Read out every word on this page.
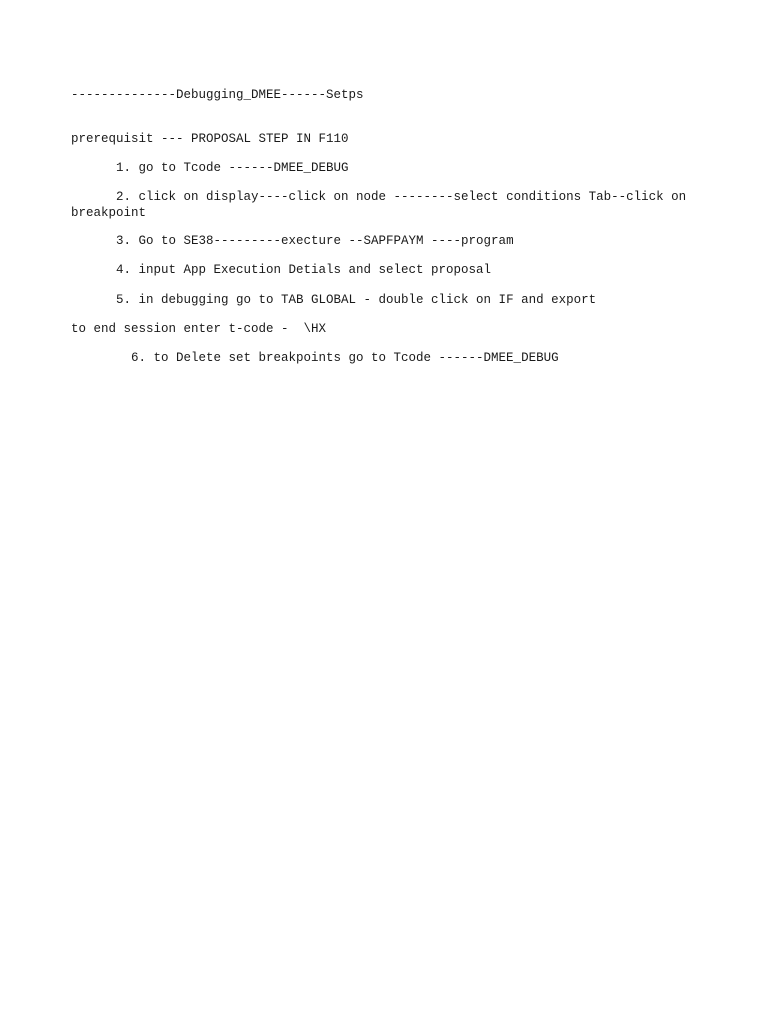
--------------Debugging_DMEE------Setps
prerequisit --- PROPOSAL STEP IN F110
1. go to Tcode ------DMEE_DEBUG
2. click on display----click on node --------select conditions Tab--click on breakpoint
3. Go to SE38---------execture --SAPFPAYM ----program
4. input App Execution Detials and select proposal
5. in debugging go to TAB GLOBAL - double click on IF and export
to end session enter t-code -  \HX
6. to Delete set breakpoints go to Tcode ------DMEE_DEBUG
